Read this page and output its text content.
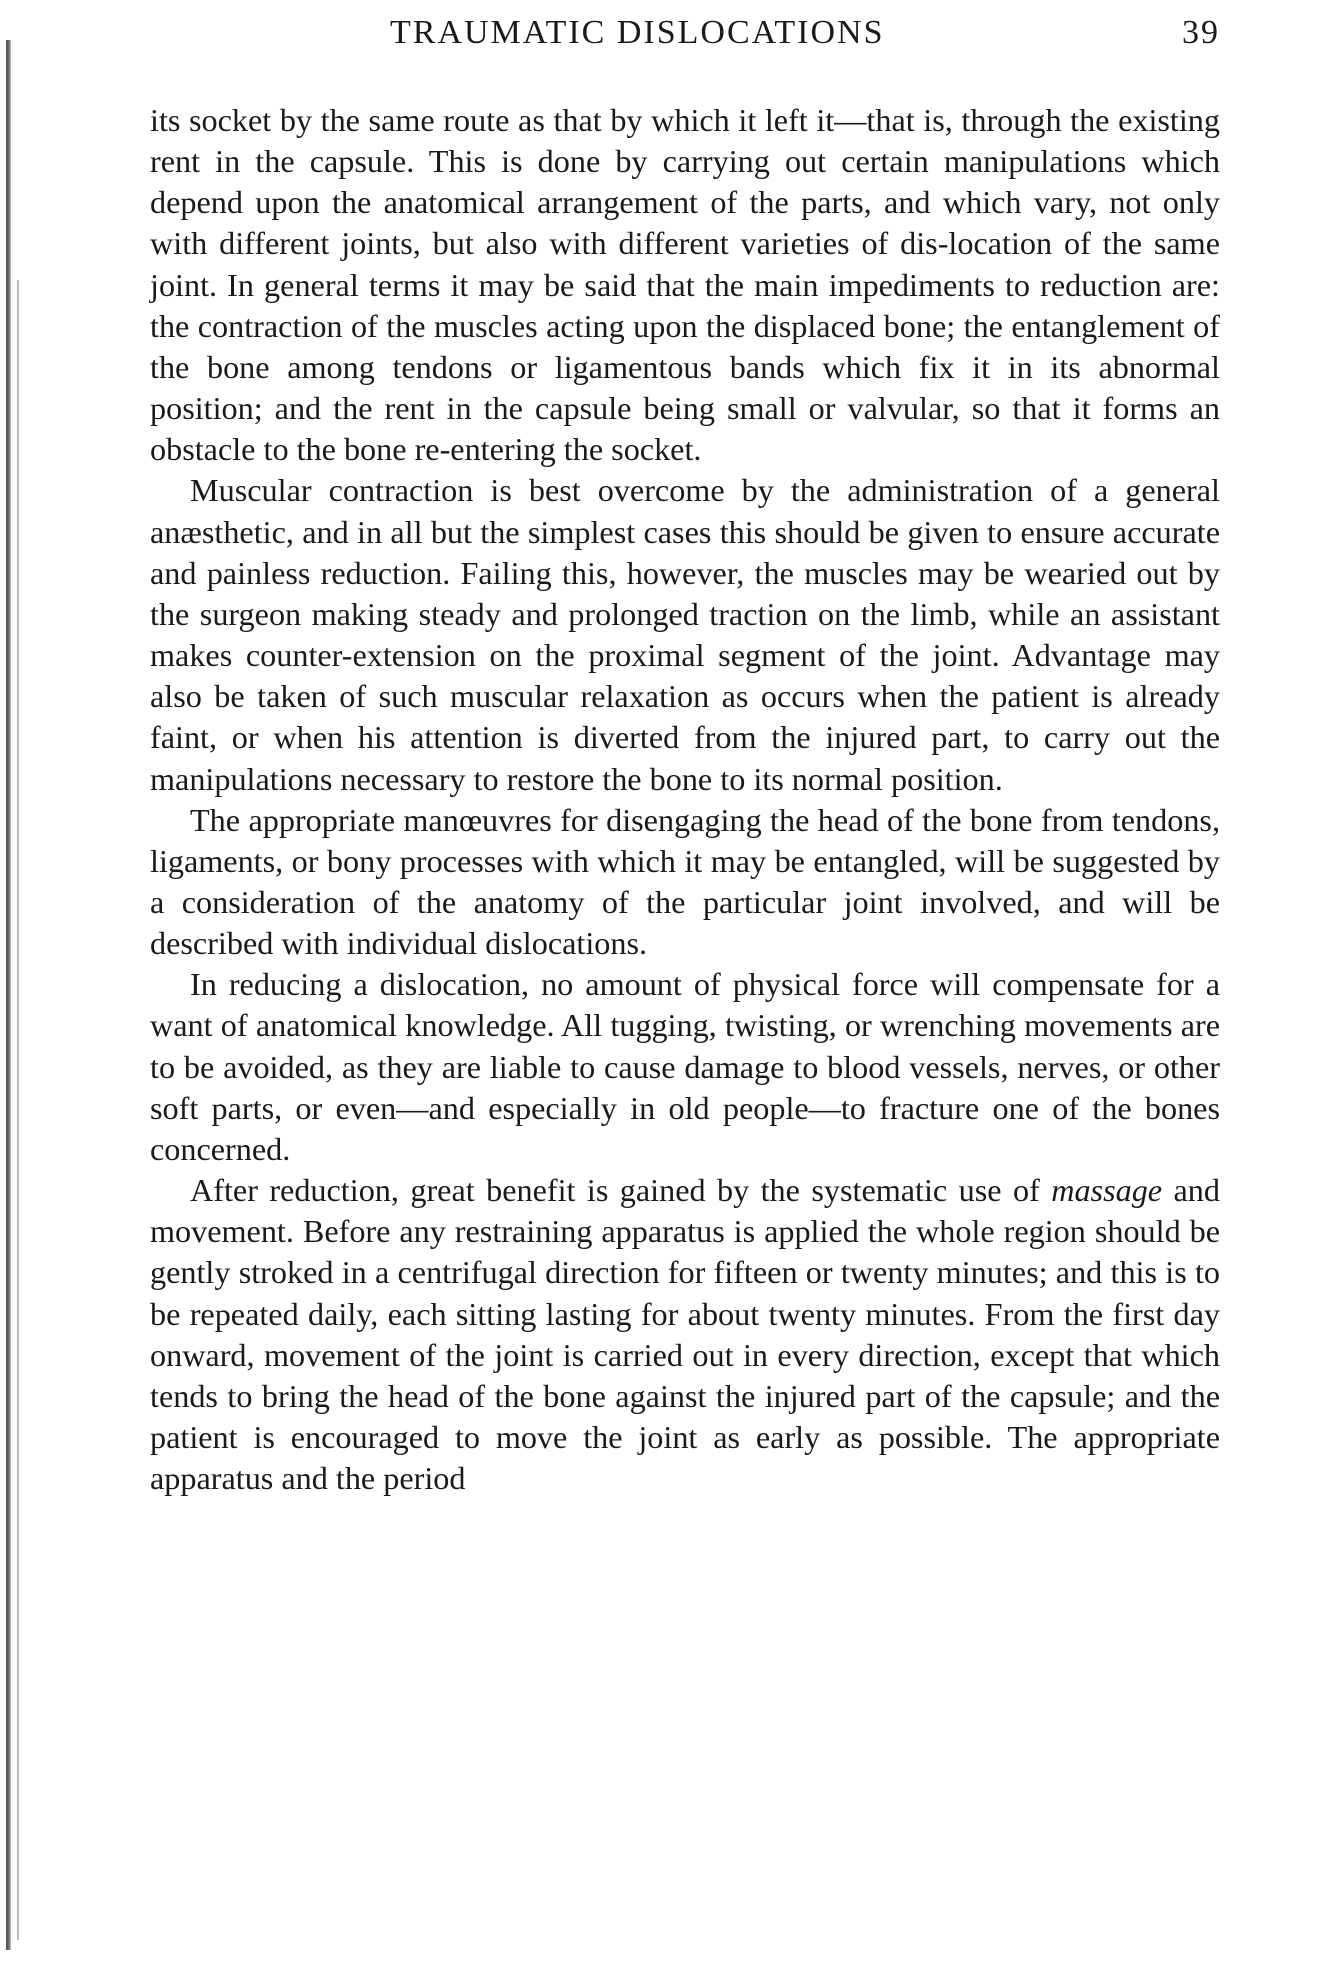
TRAUMATIC DISLOCATIONS	39

its socket by the same route as that by which it left it—that is, through the existing rent in the capsule. This is done by carrying out certain manipulations which depend upon the anatomical arrangement of the parts, and which vary, not only with different joints, but also with different varieties of dis-location of the same joint. In general terms it may be said that the main impediments to reduction are: the contraction of the muscles acting upon the displaced bone; the entanglement of the bone among tendons or ligamentous bands which fix it in its abnormal position; and the rent in the capsule being small or valvular, so that it forms an obstacle to the bone re-entering the socket.

Muscular contraction is best overcome by the administration of a general anæsthetic, and in all but the simplest cases this should be given to ensure accurate and painless reduction. Failing this, however, the muscles may be wearied out by the surgeon making steady and prolonged traction on the limb, while an assistant makes counter-extension on the proximal segment of the joint. Advantage may also be taken of such muscular relaxation as occurs when the patient is already faint, or when his attention is diverted from the injured part, to carry out the manipulations necessary to restore the bone to its normal position.

The appropriate manœuvres for disengaging the head of the bone from tendons, ligaments, or bony processes with which it may be entangled, will be suggested by a consideration of the anatomy of the particular joint involved, and will be described with individual dislocations.

In reducing a dislocation, no amount of physical force will compensate for a want of anatomical knowledge. All tugging, twisting, or wrenching movements are to be avoided, as they are liable to cause damage to blood vessels, nerves, or other soft parts, or even—and especially in old people—to fracture one of the bones concerned.

After reduction, great benefit is gained by the systematic use of massage and movement. Before any restraining apparatus is applied the whole region should be gently stroked in a centrifugal direction for fifteen or twenty minutes; and this is to be repeated daily, each sitting lasting for about twenty minutes. From the first day onward, movement of the joint is carried out in every direction, except that which tends to bring the head of the bone against the injured part of the capsule; and the patient is encouraged to move the joint as early as possible. The appropriate apparatus and the period
